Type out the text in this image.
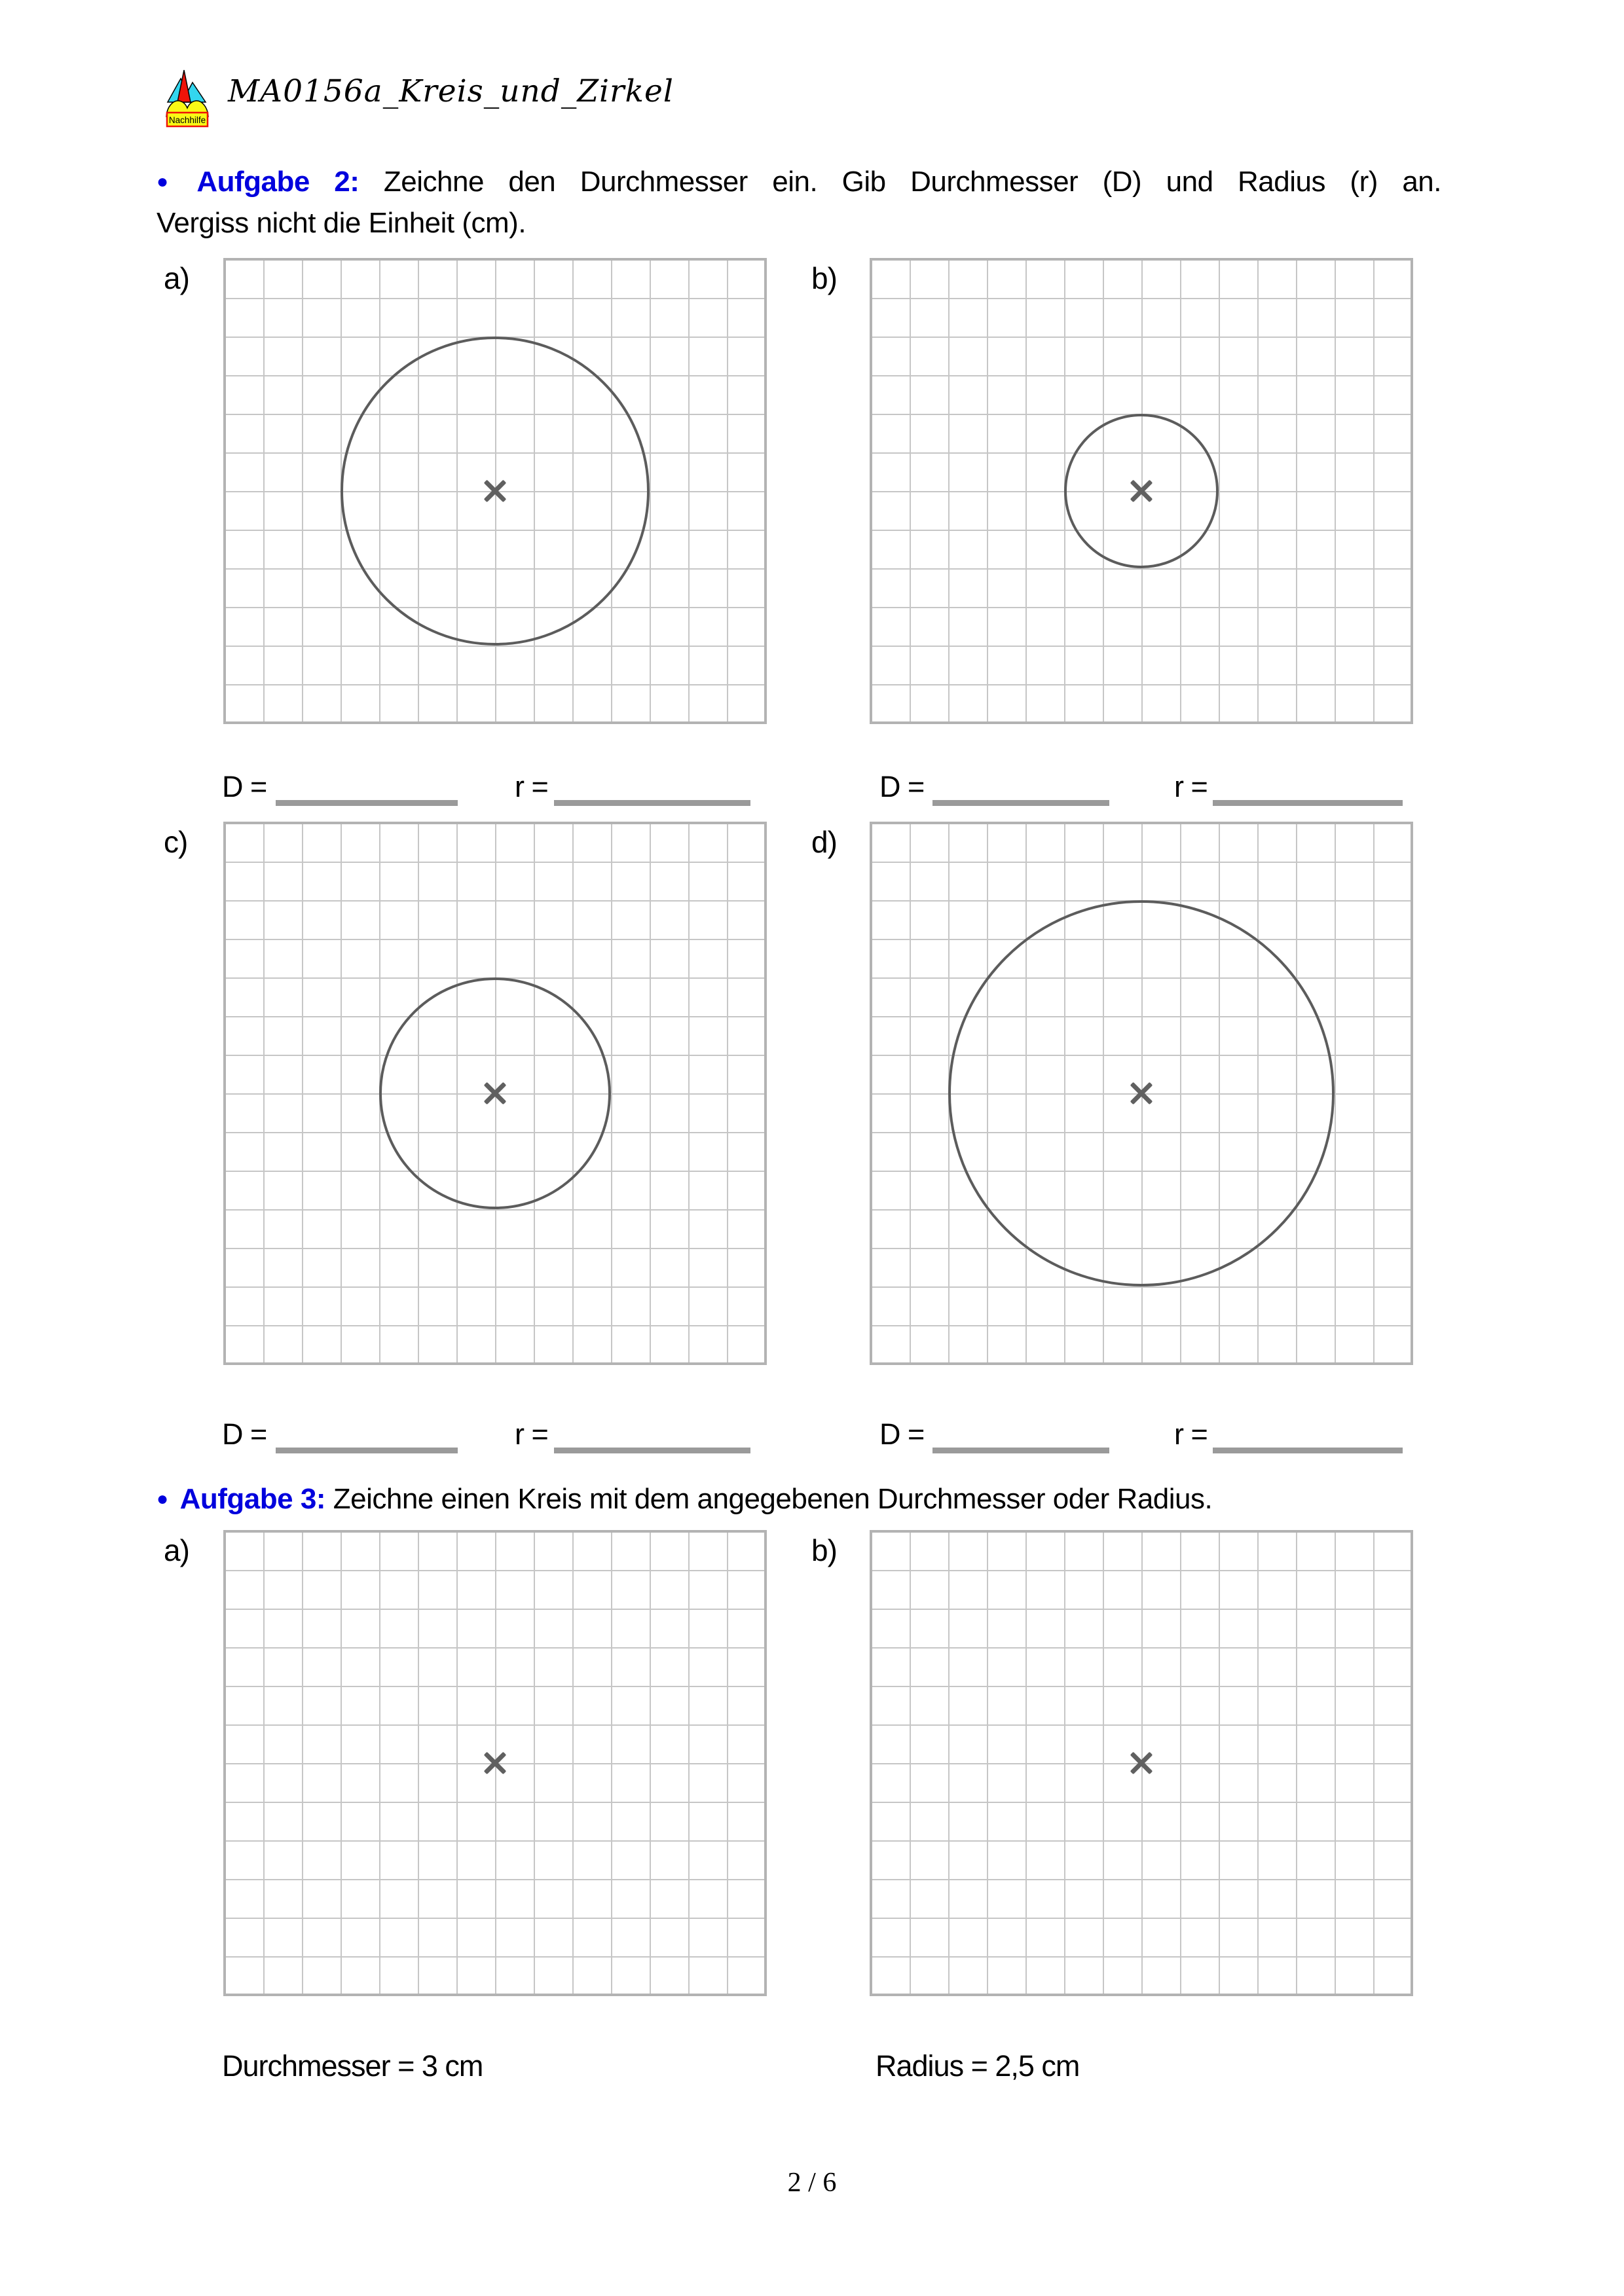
Nachhilfe
MA0156a_Kreis_und_Zirkel
● Aufgabe 2: Zeichne den Durchmesser ein. Gib Durchmesser (D) und Radius (r) an.
Vergiss nicht die Einheit (cm).
a)	b)
D =	r =	D =	r =
c)	d)
D =	r =	D =	r =
● Aufgabe 3: Zeichne einen Kreis mit dem angegebenen Durchmesser oder Radius.
a)	b)
Durchmesser = 3 cm	Radius = 2,5 cm
2 / 6
